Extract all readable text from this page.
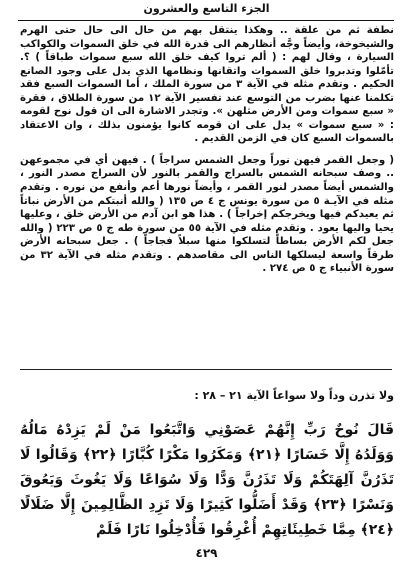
الجزء التاسع والعشرون

نطفة ثم من علقة .. وهكذا ينتقل بهم من حال الى حال حتى الهرم والشيخوخة، وأيضاً وجَّه أنظارهم الى قدرة الله في خلق السموات والكواكب السيارة ، وقال لهم : ( ألم تروا كيف خلق الله سبع سموات طباقاً ) ؟. تأمّلوا وتدبروا خلق السموات واتقانها ونظامها الذي يدل على وجود الصانع الحكيم . وتقدم مثله في الآية ٣ من سورة الملك ، أما السموات السبع فقد تكلمنا عنها بضرب من التوسع عند تفسير الآية ١٢ من سورة الطلاق ، فقرة « سبع سموات ومن الأرض مثلهن ». وتجدر الاشارة الى ان قول نوح لقومه : « سبع سموات » يدل على ان قومه كانوا يؤمنون بذلك ، وان الاعتقاد بالسموات السبع كان في الزمن القديم .

( وجعل القمر فيهن نوراً وجعل الشمس سراجاً ) . فيهن أي في مجموعهن .. وصف سبحانه الشمس بالسراج والقمر بالنور لأن السراج مصدر النور ، والشمس أيضاً مصدر لنور القمر ، وأيضاً نورها أعم وأنفع من نوره . وتقدم مثله في الآيـة ٥ من سورة يونس ج ٤ ص ١٣٥ ( والله أنبتكم من الأرض نباتاً ثم يعيدكم فيها ويخرجكم إخراجاً ) . هذا هو ابن آدم من الأرض خلق ، وعليها يحيا واليها يعود . وتقدم مثله في الآية ٥٥ من سورة طه ج ٥ ص ٢٢٣ ( والله جعل لكم الأرض بساطاً لتسلكوا منها سبلاً فجاجاً ) . جعل سبحانه الأرض طرقاً واسعة ليسلكها الناس الى مقاصدهم . وتقدم مثله في الآية ٣٢ من سورة الأنبياء ج ٥ ص ٢٧٤ .

ولا تذرن وداً ولا سواعاً الآية ٢١ – ٢٨ :

قَالَ نُوحٌ رَبِّ إِنَّهُمْ عَصَوْنِي وَاتَّبَعُوا مَنْ لَمْ يَزِدْهُ مَالُهُ وَوَلَدُهُ إِلَّا خَسَارًا ﴿٢١﴾ وَمَكَرُوا مَكْرًا كُبَّارًا ﴿٢٢﴾ وَقَالُوا لَا تَذَرُنَّ آلِهَتَكُمْ وَلَا تَذَرُنَّ وَدًّا وَلَا سُوَاعًا وَلَا يَغُوثَ وَيَعُوقَ وَنَسْرًا ﴿٢٣﴾ وَقَدْ أَضَلُّوا كَثِيرًا وَلَا تَزِدِ الظَّالِمِينَ إِلَّا ضَلَالًا ﴿٢٤﴾ مِمَّا خَطِيئَاتِهِمْ أُغْرِقُوا فَأُدْخِلُوا نَارًا فَلَمْ

٤٢٩
